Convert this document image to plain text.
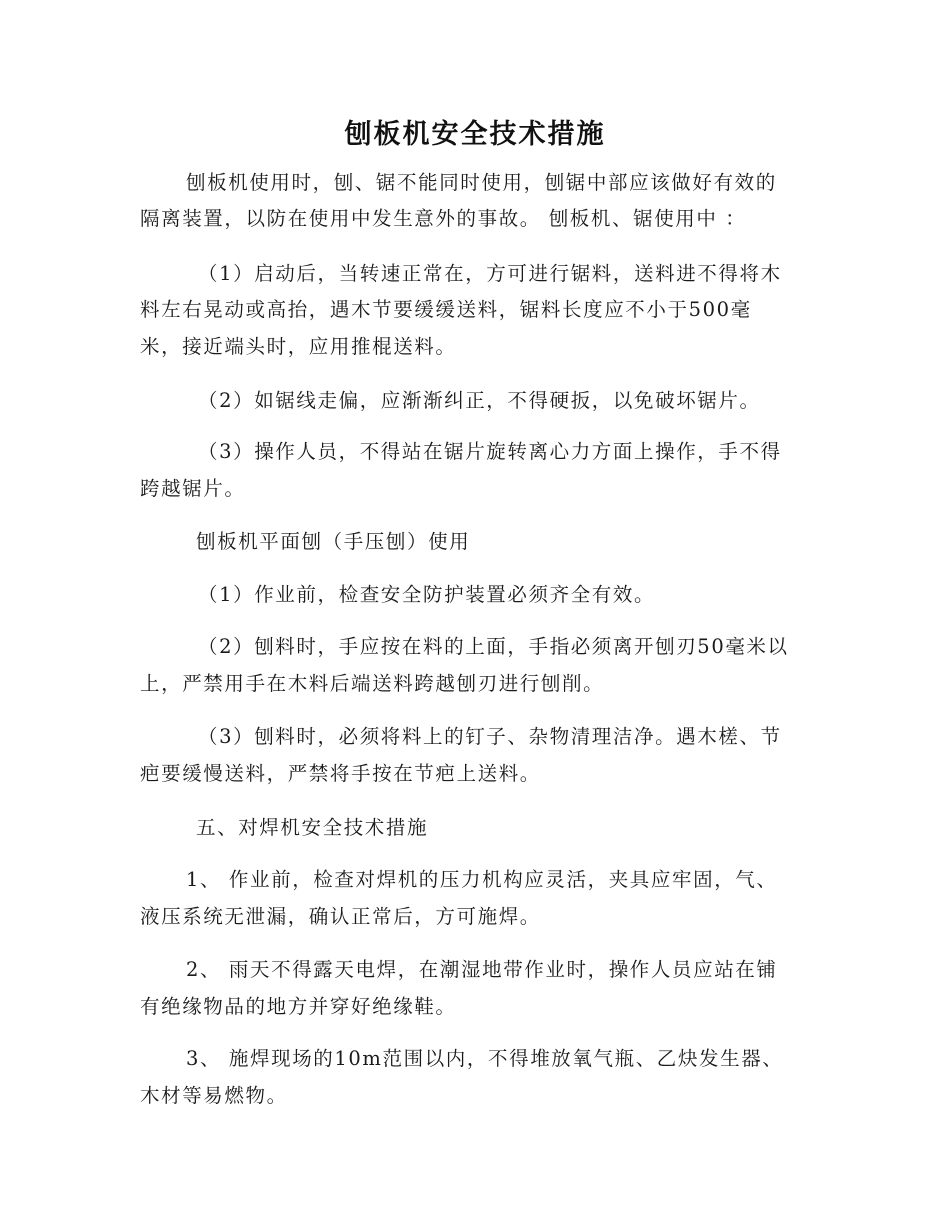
刨板机安全技术措施
刨板机使用时，刨、锯不能同时使用，刨锯中部应该做好有效的
隔离装置，以防在使用中发生意外的事故。 刨板机、锯使用中 ：
（1）启动后，当转速正常在，方可进行锯料，送料进不得将木
料左右晃动或高抬，遇木节要缓缓送料，锯料长度应不小于500毫
米，接近端头时，应用推棍送料。
（2）如锯线走偏，应渐渐纠正，不得硬扳，以免破坏锯片。
（3）操作人员，不得站在锯片旋转离心力方面上操作，手不得
跨越锯片。
刨板机平面刨（手压刨）使用
（1）作业前，检查安全防护装置必须齐全有效。
（2）刨料时，手应按在料的上面，手指必须离开刨刃50毫米以
上，严禁用手在木料后端送料跨越刨刃进行刨削。
（3）刨料时，必须将料上的钉子、杂物清理洁净。遇木槎、节
疤要缓慢送料，严禁将手按在节疤上送料。
五、对焊机安全技术措施
1、 作业前，检查对焊机的压力机构应灵活，夹具应牢固，气、
液压系统无泄漏，确认正常后，方可施焊。
2、 雨天不得露天电焊，在潮湿地带作业时，操作人员应站在铺
有绝缘物品的地方并穿好绝缘鞋。
3、 施焊现场的10m范围以内，不得堆放氧气瓶、乙炔发生器、
木材等易燃物。
